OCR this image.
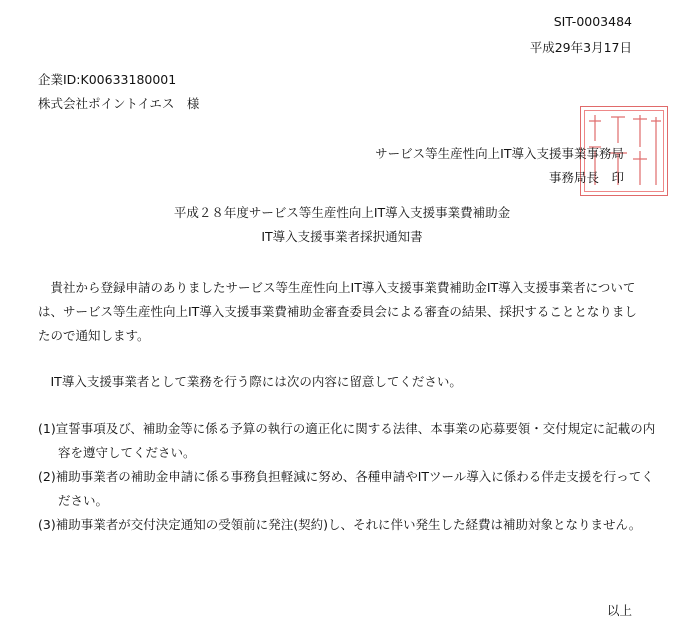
SIT-0003484
平成29年3月17日
企業ID:K00633180001
株式会社ポイントイエス　様
サービス等生産性向上IT導入支援事業事務局
事務局長　印
平成２８年度サービス等生産性向上IT導入支援事業費補助金
IT導入支援事業者採択通知書
貴社から登録申請のありましたサービス等生産性向上IT導入支援事業費補助金IT導入支援事業者については、サービス等生産性向上IT導入支援事業費補助金審査委員会による審査の結果、採択することとなりましたので通知します。
IT導入支援事業者として業務を行う際には次の内容に留意してください。
(1)宣誓事項及び、補助金等に係る予算の執行の適正化に関する法律、本事業の応募要領・交付規定に記載の内容を遵守してください。
(2)補助事業者の補助金申請に係る事務負担軽減に努め、各種申請やITツール導入に係わる伴走支援を行ってください。
(3)補助事業者が交付決定通知の受領前に発注(契約)し、それに伴い発生した経費は補助対象となりません。
以上
